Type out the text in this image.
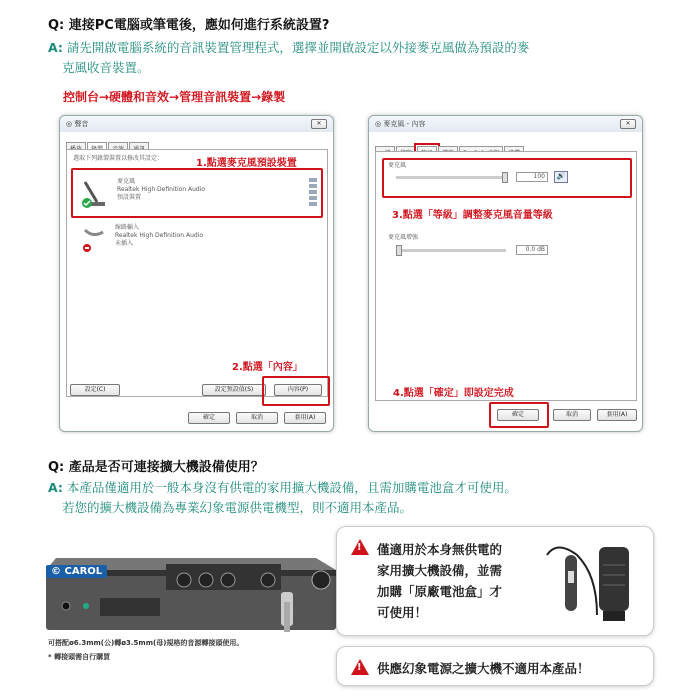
Q: 連接PC電腦或筆電後，應如何進行系統設置?
A: 請先開啟電腦系統的音訊裝置管理程式，選擇並開啟設定以外接麥克風做為預設的麥
克風收音裝置。
控制台→硬體和音效→管理音訊裝置→錄製
◎ 聲音	✕
選取下列錄製裝置以修改其設定：
麥克風
Realtek High Definition Audio
預設裝置
線路輸入
Realtek High Definition Audio
未插入
1.點選麥克風預設裝置
2.點選「內容」
設定(C)	設定預設值(S)	內容(P)
確定	取消	套用(A)
◎ 麥克風 - 內容	✕
麥克風
100	🔊
3.點選「等級」調整麥克風音量等級
麥克風增強
0.0 dB
4.點選「確定」即設定完成
確定	取消	套用(A)
Q: 產品是否可連接擴大機設備使用？
A: 本產品僅適用於一般本身沒有供電的家用擴大機設備，且需加購電池盒才可使用。
若您的擴大機設備為專業幻象電源供電機型，則不適用本產品。
© CAROL
可搭配ø6.3mm(公)轉ø3.5mm(母)規格的音源轉接頭使用。
* 轉接頭需自行購買
! 僅適用於本身無供電的
家用擴大機設備，並需
加購「原廠電池盒」才
可使用！
! 供應幻象電源之擴大機不適用本產品！
